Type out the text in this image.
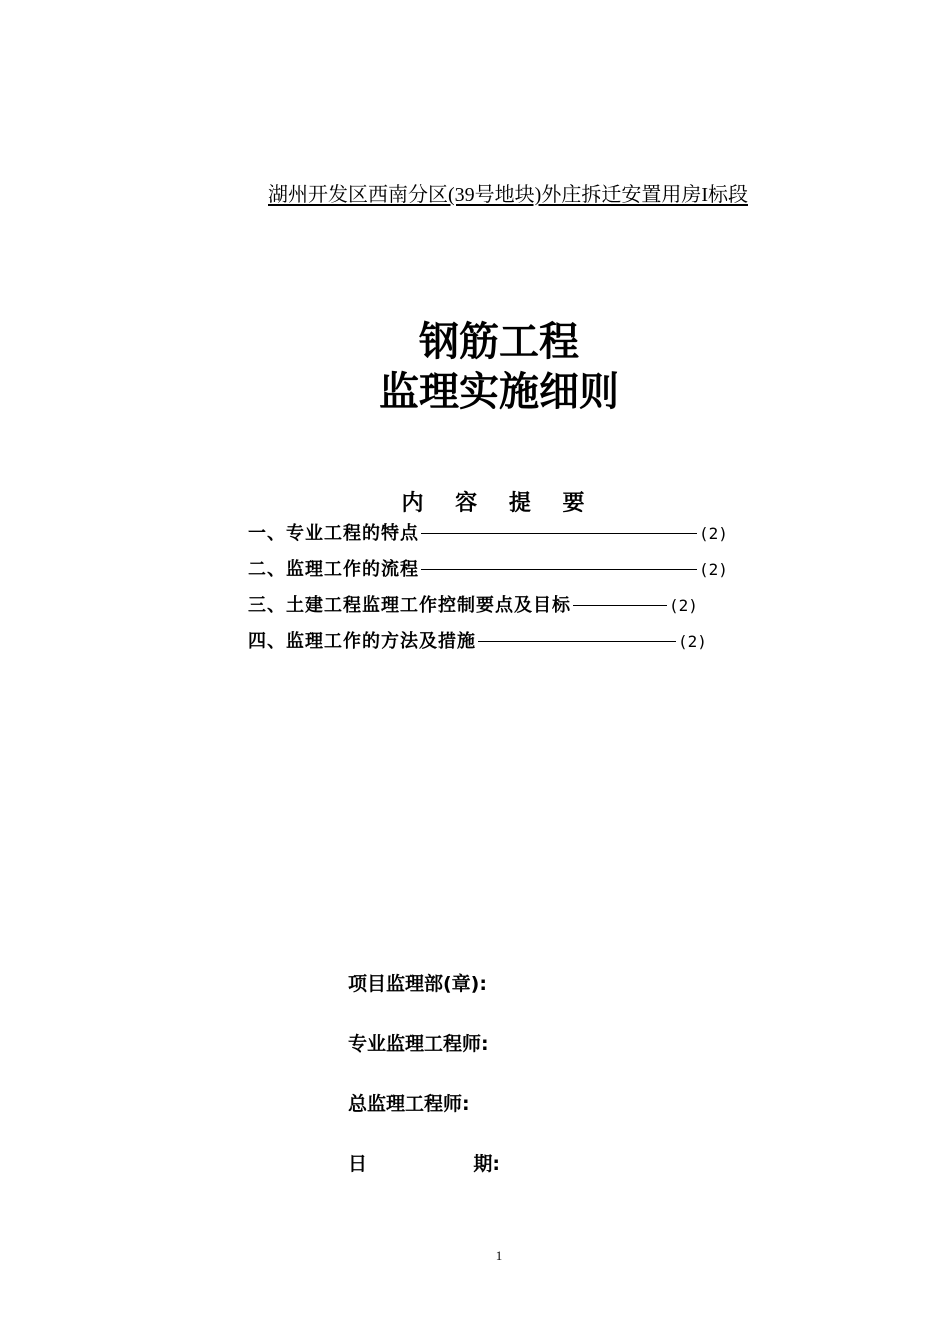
湖州开发区西南分区(39号地块)外庄拆迁安置用房I标段
钢筋工程
监理实施细则
内 容 提 要
一、专业工程的特点	(2)
二、监理工作的流程	(2)
三、土建工程监理工作控制要点及目标	(2)
四、监理工作的方法及措施	(2)
项目监理部(章):
专业监理工程师:
总监理工程师:
日	期:
1
